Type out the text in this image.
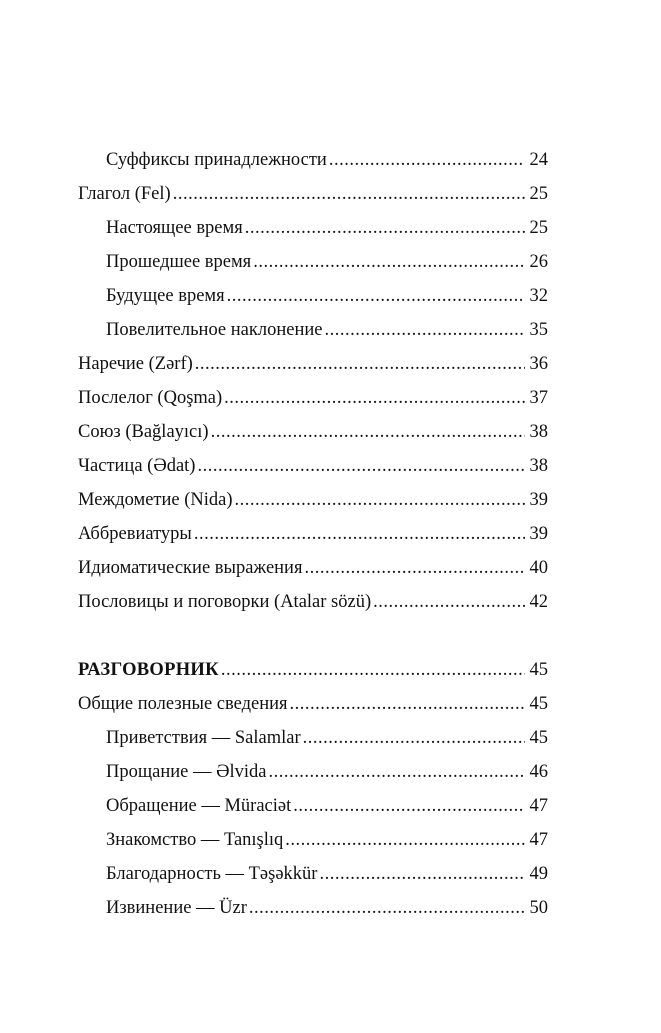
Суффиксы принадлежности .....	24
Глагол (Fel) .....	25
Настоящее время .....	25
Прошедшее время .....	26
Будущее время .....	32
Повелительное наклонение .....	35
Наречие (Zərf) .....	36
Послелог (Qoşma) .....	37
Союз (Bağlayıcı) .....	38
Частица (Ədat) .....	38
Междометие (Nida) .....	39
Аббревиатуры .....	39
Идиоматические выражения .....	40
Пословицы и поговорки (Atalar sözü) .....	42
РАЗГОВОРНИК .....	45
Общие полезные сведения .....	45
Приветствия — Salamlar .....	45
Прощание — Əlvida .....	46
Обращение — Müraciət .....	47
Знакомство — Tanışlıq .....	47
Благодарность — Təşəkkür .....	49
Извинение — Üzr .....	50
